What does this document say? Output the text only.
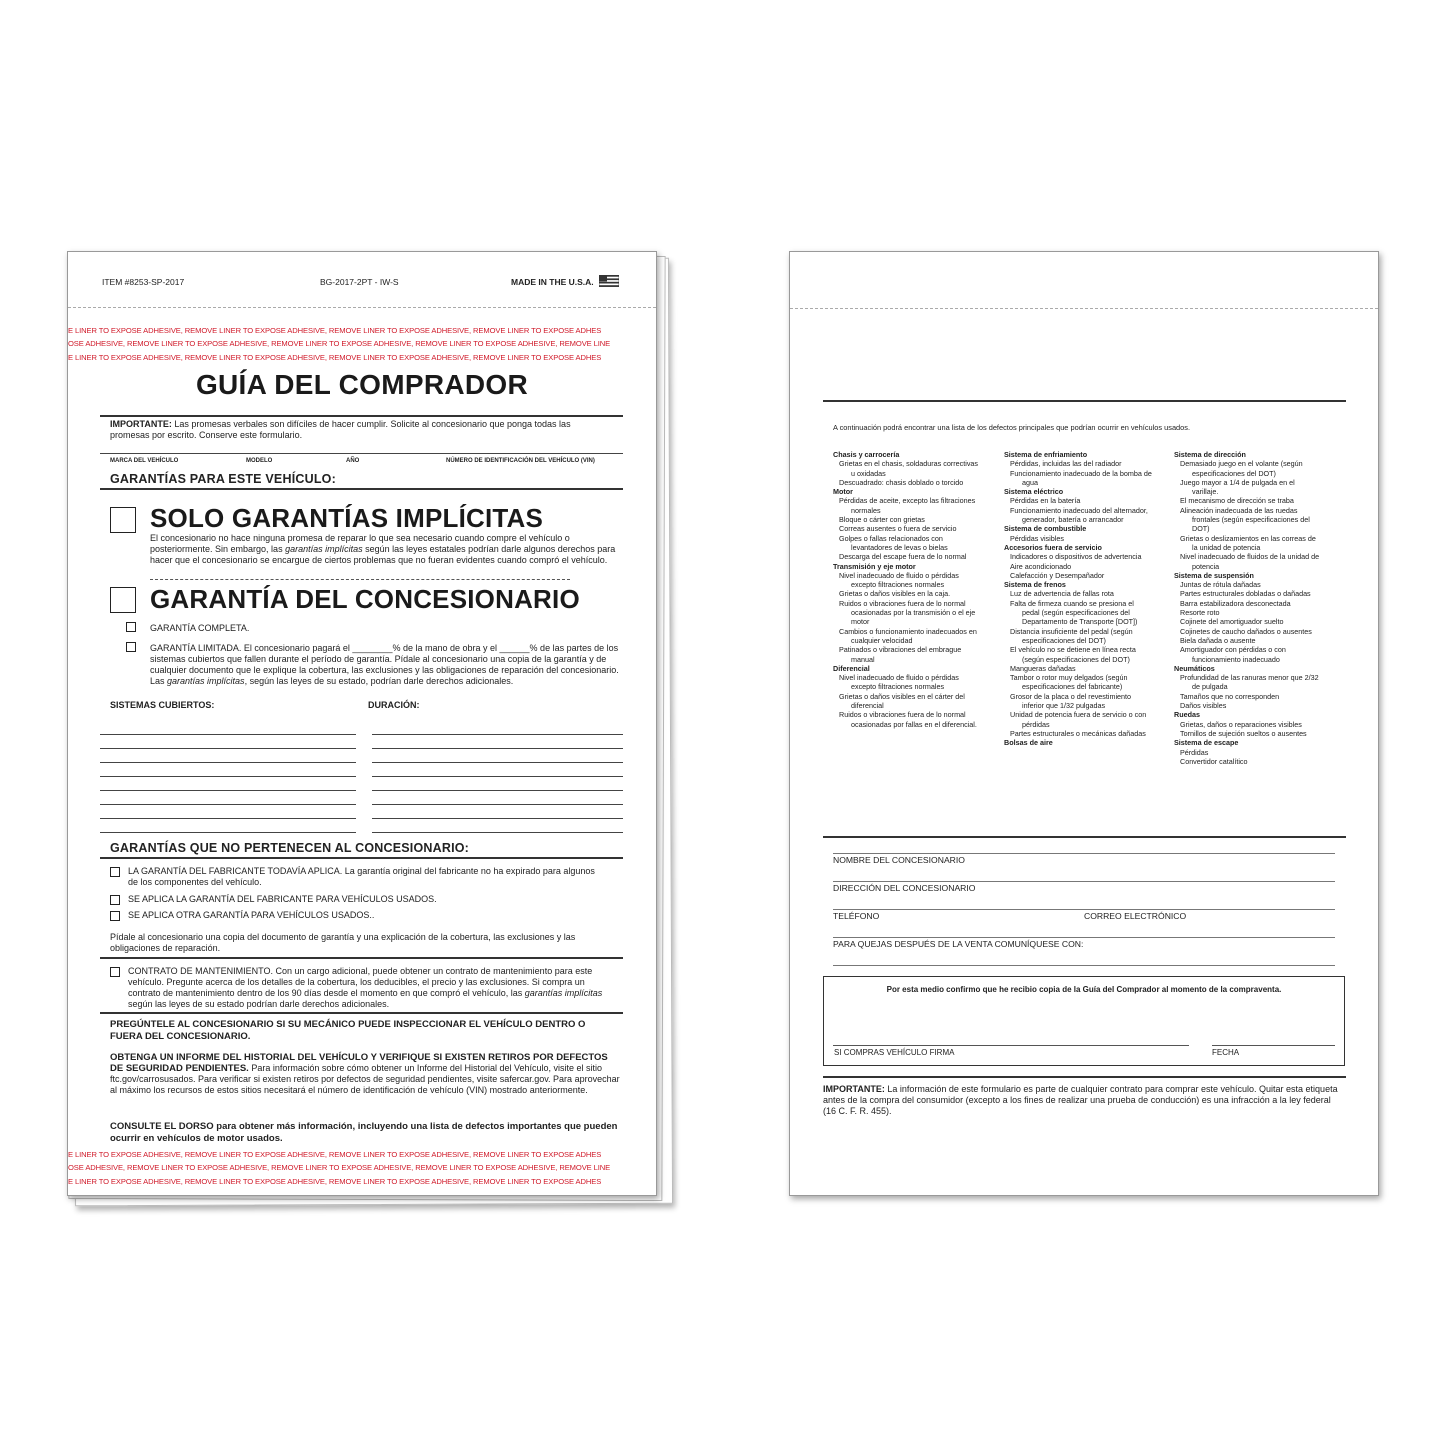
ITEM #8253-SP-2017	BG-2017-2PT - IW-S	MADE IN THE U.S.A.
E LINER TO EXPOSE ADHESIVE, REMOVE LINER TO EXPOSE ADHESIVE, REMOVE LINER TO EXPOSE ADHESIVE, REMOVE LINER TO EXPOSE ADHES
OSE ADHESIVE, REMOVE LINER TO EXPOSE ADHESIVE, REMOVE LINER TO EXPOSE ADHESIVE, REMOVE LINER TO EXPOSE ADHESIVE, REMOVE LINE
E LINER TO EXPOSE ADHESIVE, REMOVE LINER TO EXPOSE ADHESIVE, REMOVE LINER TO EXPOSE ADHESIVE, REMOVE LINER TO EXPOSE ADHES
GUÍA DEL COMPRADOR
IMPORTANTE: Las promesas verbales son difíciles de hacer cumplir. Solicite al concesionario que ponga todas las promesas por escrito. Conserve este formulario.
MARCA DEL VEHÍCULO	MODELO	AÑO	NÚMERO DE IDENTIFICACIÓN DEL VEHÍCULO (VIN)
GARANTÍAS PARA ESTE VEHÍCULO:
SOLO GARANTÍAS IMPLÍCITAS
El concesionario no hace ninguna promesa de reparar lo que sea necesario cuando compre el vehículo o posteriormente. Sin embargo, las garantías implícitas según las leyes estatales podrían darle algunos derechos para hacer que el concesionario se encargue de ciertos problemas que no fueran evidentes cuando compró el vehículo.
GARANTÍA DEL CONCESIONARIO
GARANTÍA COMPLETA.
GARANTÍA LIMITADA. El concesionario pagará el ________% de la mano de obra y el ______% de las partes de los sistemas cubiertos que fallen durante el período de garantía. Pídale al concesionario una copia de la garantía y de cualquier documento que le explique la cobertura, las exclusiones y las obligaciones de reparación del concesionario. Las garantías implícitas, según las leyes de su estado, podrían darle derechos adicionales.
SISTEMAS CUBIERTOS:	DURACIÓN:
GARANTÍAS QUE NO PERTENECEN AL CONCESIONARIO:
LA GARANTÍA DEL FABRICANTE TODAVÍA APLICA. La garantía original del fabricante no ha expirado para algunos de los componentes del vehículo.
SE APLICA LA GARANTÍA DEL FABRICANTE PARA VEHÍCULOS USADOS.
SE APLICA OTRA GARANTÍA PARA VEHÍCULOS USADOS..
Pídale al concesionario una copia del documento de garantía y una explicación de la cobertura, las exclusiones y las obligaciones de reparación.
CONTRATO DE MANTENIMIENTO. Con un cargo adicional, puede obtener un contrato de mantenimiento para este vehículo. Pregunte acerca de los detalles de la cobertura, los deducibles, el precio y las exclusiones. Si compra un contrato de mantenimiento dentro de los 90 días desde el momento en que compró el vehículo, las garantías implícitas según las leyes de su estado podrían darle derechos adicionales.
PREGÚNTELE AL CONCESIONARIO SI SU MECÁNICO PUEDE INSPECCIONAR EL VEHÍCULO DENTRO O FUERA DEL CONCESIONARIO.
OBTENGA UN INFORME DEL HISTORIAL DEL VEHÍCULO Y VERIFIQUE SI EXISTEN RETIROS POR DEFECTOS DE SEGURIDAD PENDIENTES. Para información sobre cómo obtener un Informe del Historial del Vehículo, visite el sitio ftc.gov/carrosusados. Para verificar si existen retiros por defectos de seguridad pendientes, visite safercar.gov. Para aprovechar al máximo los recursos de estos sitios necesitará el número de identificación de vehículo (VIN) mostrado anteriormente.
CONSULTE EL DORSO para obtener más información, incluyendo una lista de defectos importantes que pueden ocurrir en vehículos de motor usados.
E LINER TO EXPOSE ADHESIVE, REMOVE LINER TO EXPOSE ADHESIVE, REMOVE LINER TO EXPOSE ADHESIVE, REMOVE LINER TO EXPOSE ADHES
OSE ADHESIVE, REMOVE LINER TO EXPOSE ADHESIVE, REMOVE LINER TO EXPOSE ADHESIVE, REMOVE LINER TO EXPOSE ADHESIVE, REMOVE LINE
E LINER TO EXPOSE ADHESIVE, REMOVE LINER TO EXPOSE ADHESIVE, REMOVE LINER TO EXPOSE ADHESIVE, REMOVE LINER TO EXPOSE ADHES
A continuación podrá encontrar una lista de los defectos principales que podrían ocurrir en vehículos usados.
Chasis y carrocería
Grietas en el chasis, soldaduras correctivas
u oxidadas
Descuadrado: chasis doblado o torcido
Motor
Pérdidas de aceite, excepto las filtraciones
normales
Bloque o cárter con grietas
Correas ausentes o fuera de servicio
Golpes o fallas relacionados con
levantadores de levas o bielas
Descarga del escape fuera de lo normal
Transmisión y eje motor
Nivel inadecuado de fluido o pérdidas
excepto filtraciones normales
Grietas o daños visibles en la caja.
Ruidos o vibraciones fuera de lo normal
ocasionadas por la transmisión o el eje
motor
Cambios o funcionamiento inadecuados en
cualquier velocidad
Patinados o vibraciones del embrague
manual
Diferencial
Nivel inadecuado de fluido o pérdidas
excepto filtraciones normales
Grietas o daños visibles en el cárter del
diferencial
Ruidos o vibraciones fuera de lo normal
ocasionadas por fallas en el diferencial.
Sistema de enfriamiento
Pérdidas, incluidas las del radiador
Funcionamiento inadecuado de la bomba de
agua
Sistema eléctrico
Pérdidas en la batería
Funcionamiento inadecuado del alternador,
generador, batería o arrancador
Sistema de combustible
Pérdidas visibles
Accesorios fuera de servicio
Indicadores o dispositivos de advertencia
Aire acondicionado
Calefacción y Desempañador
Sistema de frenos
Luz de advertencia de fallas rota
Falta de firmeza cuando se presiona el
pedal (según especificaciones del
Departamento de Transporte [DOT])
Distancia insuficiente del pedal (según
especificaciones del DOT)
El vehículo no se detiene en línea recta
(según especificaciones del DOT)
Mangueras dañadas
Tambor o rotor muy delgados (según
especificaciones del fabricante)
Grosor de la placa o del revestimiento
inferior que 1/32 pulgadas
Unidad de potencia fuera de servicio o con
pérdidas
Partes estructurales o mecánicas dañadas
Bolsas de aire
Sistema de dirección
Demasiado juego en el volante (según
especificaciones del DOT)
Juego mayor a 1/4 de pulgada en el
varillaje.
El mecanismo de dirección se traba
Alineación inadecuada de las ruedas
frontales (según especificaciones del
DOT)
Grietas o deslizamientos en las correas de
la unidad de potencia
Nivel inadecuado de fluidos de la unidad de
potencia
Sistema de suspensión
Juntas de rótula dañadas
Partes estructurales dobladas o dañadas
Barra estabilizadora desconectada
Resorte roto
Cojinete del amortiguador suelto
Cojinetes de caucho dañados o ausentes
Biela dañada o ausente
Amortiguador con pérdidas o con
funcionamiento inadecuado
Neumáticos
Profundidad de las ranuras menor que 2/32
de pulgada
Tamaños que no corresponden
Daños visibles
Ruedas
Grietas, daños o reparaciones visibles
Tornillos de sujeción sueltos o ausentes
Sistema de escape
Pérdidas
Convertidor catalítico
NOMBRE DEL CONCESIONARIO
DIRECCIÓN DEL CONCESIONARIO
TELÉFONO	CORREO ELECTRÓNICO
PARA QUEJAS DESPUÉS DE LA VENTA COMUNÍQUESE CON:
Por esta medio confirmo que he recibio copia de la Guía del Comprador al momento de la compraventa.
SI COMPRAS VEHÍCULO FIRMA	FECHA
IMPORTANTE: La información de este formulario es parte de cualquier contrato para comprar este vehículo. Quitar esta etiqueta antes de la compra del consumidor (excepto a los fines de realizar una prueba de conducción) es una infracción a la ley federal (16 C. F. R. 455).
